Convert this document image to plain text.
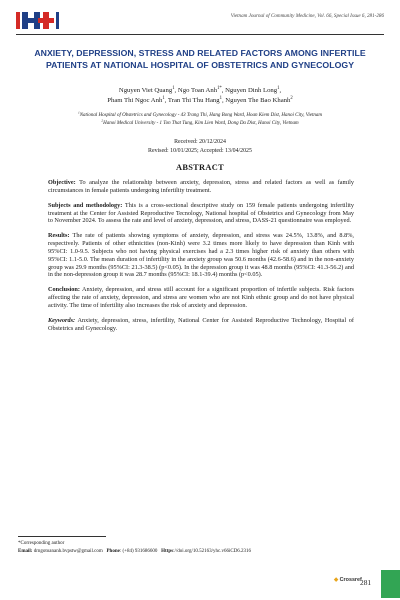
Vietnam Journal of Community Medicine, Vol. 66, Special Issue 6, 281-286
ANXIETY, DEPRESSION, STRESS AND RELATED FACTORS AMONG INFERTILE PATIENTS AT NATIONAL HOSPITAL OF OBSTETRICS AND GYNECOLOGY
Nguyen Viet Quang$^1$, Ngo Toan Anh$^{1*}$, Nguyen Dinh Long$^1$,
Pham Thi Ngoc Anh$^1$, Tran Thi Thu Hang$^1$, Nguyen The Bao Khanh$^2$
$^1$National Hospital of Obstetrics and Gynecology - 43 Trang Thi, Hang Bong Ward, Hoan Kiem Dist, Hanoi City, Vietnam
$^2$Hanoi Medical University - 1 Ton That Tung, Kim Lien Ward, Dong Da Dist, Hanoi City, Vietnam
Received: 20/12/2024
Revised: 10/01/2025; Accepted: 13/04/2025
ABSTRACT

Objective: To analyze the relationship between anxiety, depression, stress and related factors as well as family circumstances in female patients undergoing infertility treatment.

Subjects and methodology: This is a cross-sectional descriptive study on 159 female patients undergoing infertility treatment at the Center for Assisted Reproductive Tecnology, National hospital of Obstetrics and Gynecology from May to November 2024. To assess the rate and level of anxiety, depression, and stress, DASS-21 questionnaire was employed.

Results: The rate of patients showing symptoms of anxiety, depression, and stress was 24.5%, 13.8%, and 8.8%, respectively. Patients of other ethnicities (non-Kinh) were 3.2 times more likely to have depression than Kinh with 95%CI: 1.0-9.5. Subjects who not having physical exercises had a 2.3 times higher risk of anxiety than others with 95%CI: 1.1-5.0. The mean duration of infertility in the anxiety group was 50.6 months (42.6-58.6) and in the non-anxiety group was 29.9 months (95%CI: 21.3-38.5) (p<0.05). In the depression group it was 48.8 months (95%CI: 41.3-56.2) and in the non-depression group it was 28.7 months (95%CI: 18.1-39.4) months (p<0.05).

Conclusion: Anxiety, depression, and stress still account for a significant proportion of infertile subjects. Risk factors affecting the rate of anxiety, depression, and stress are women who are not Kinh ethnic group and do not have physical activity. The time of infertility also increases the risk of anxiety and depression.

Keywords: Anxiety, depression, stress, infertility, National Center for Assisted Reproductive Technology, Hospital of Obstetrics and Gynecology.

*Corresponding author
Email: drngotoananh.bvpstw@gmail.com Phone: (+84) 931686600 Https://doi.org/10.52163/yhc.v66iCD6.2316
◆ Crossref
281
